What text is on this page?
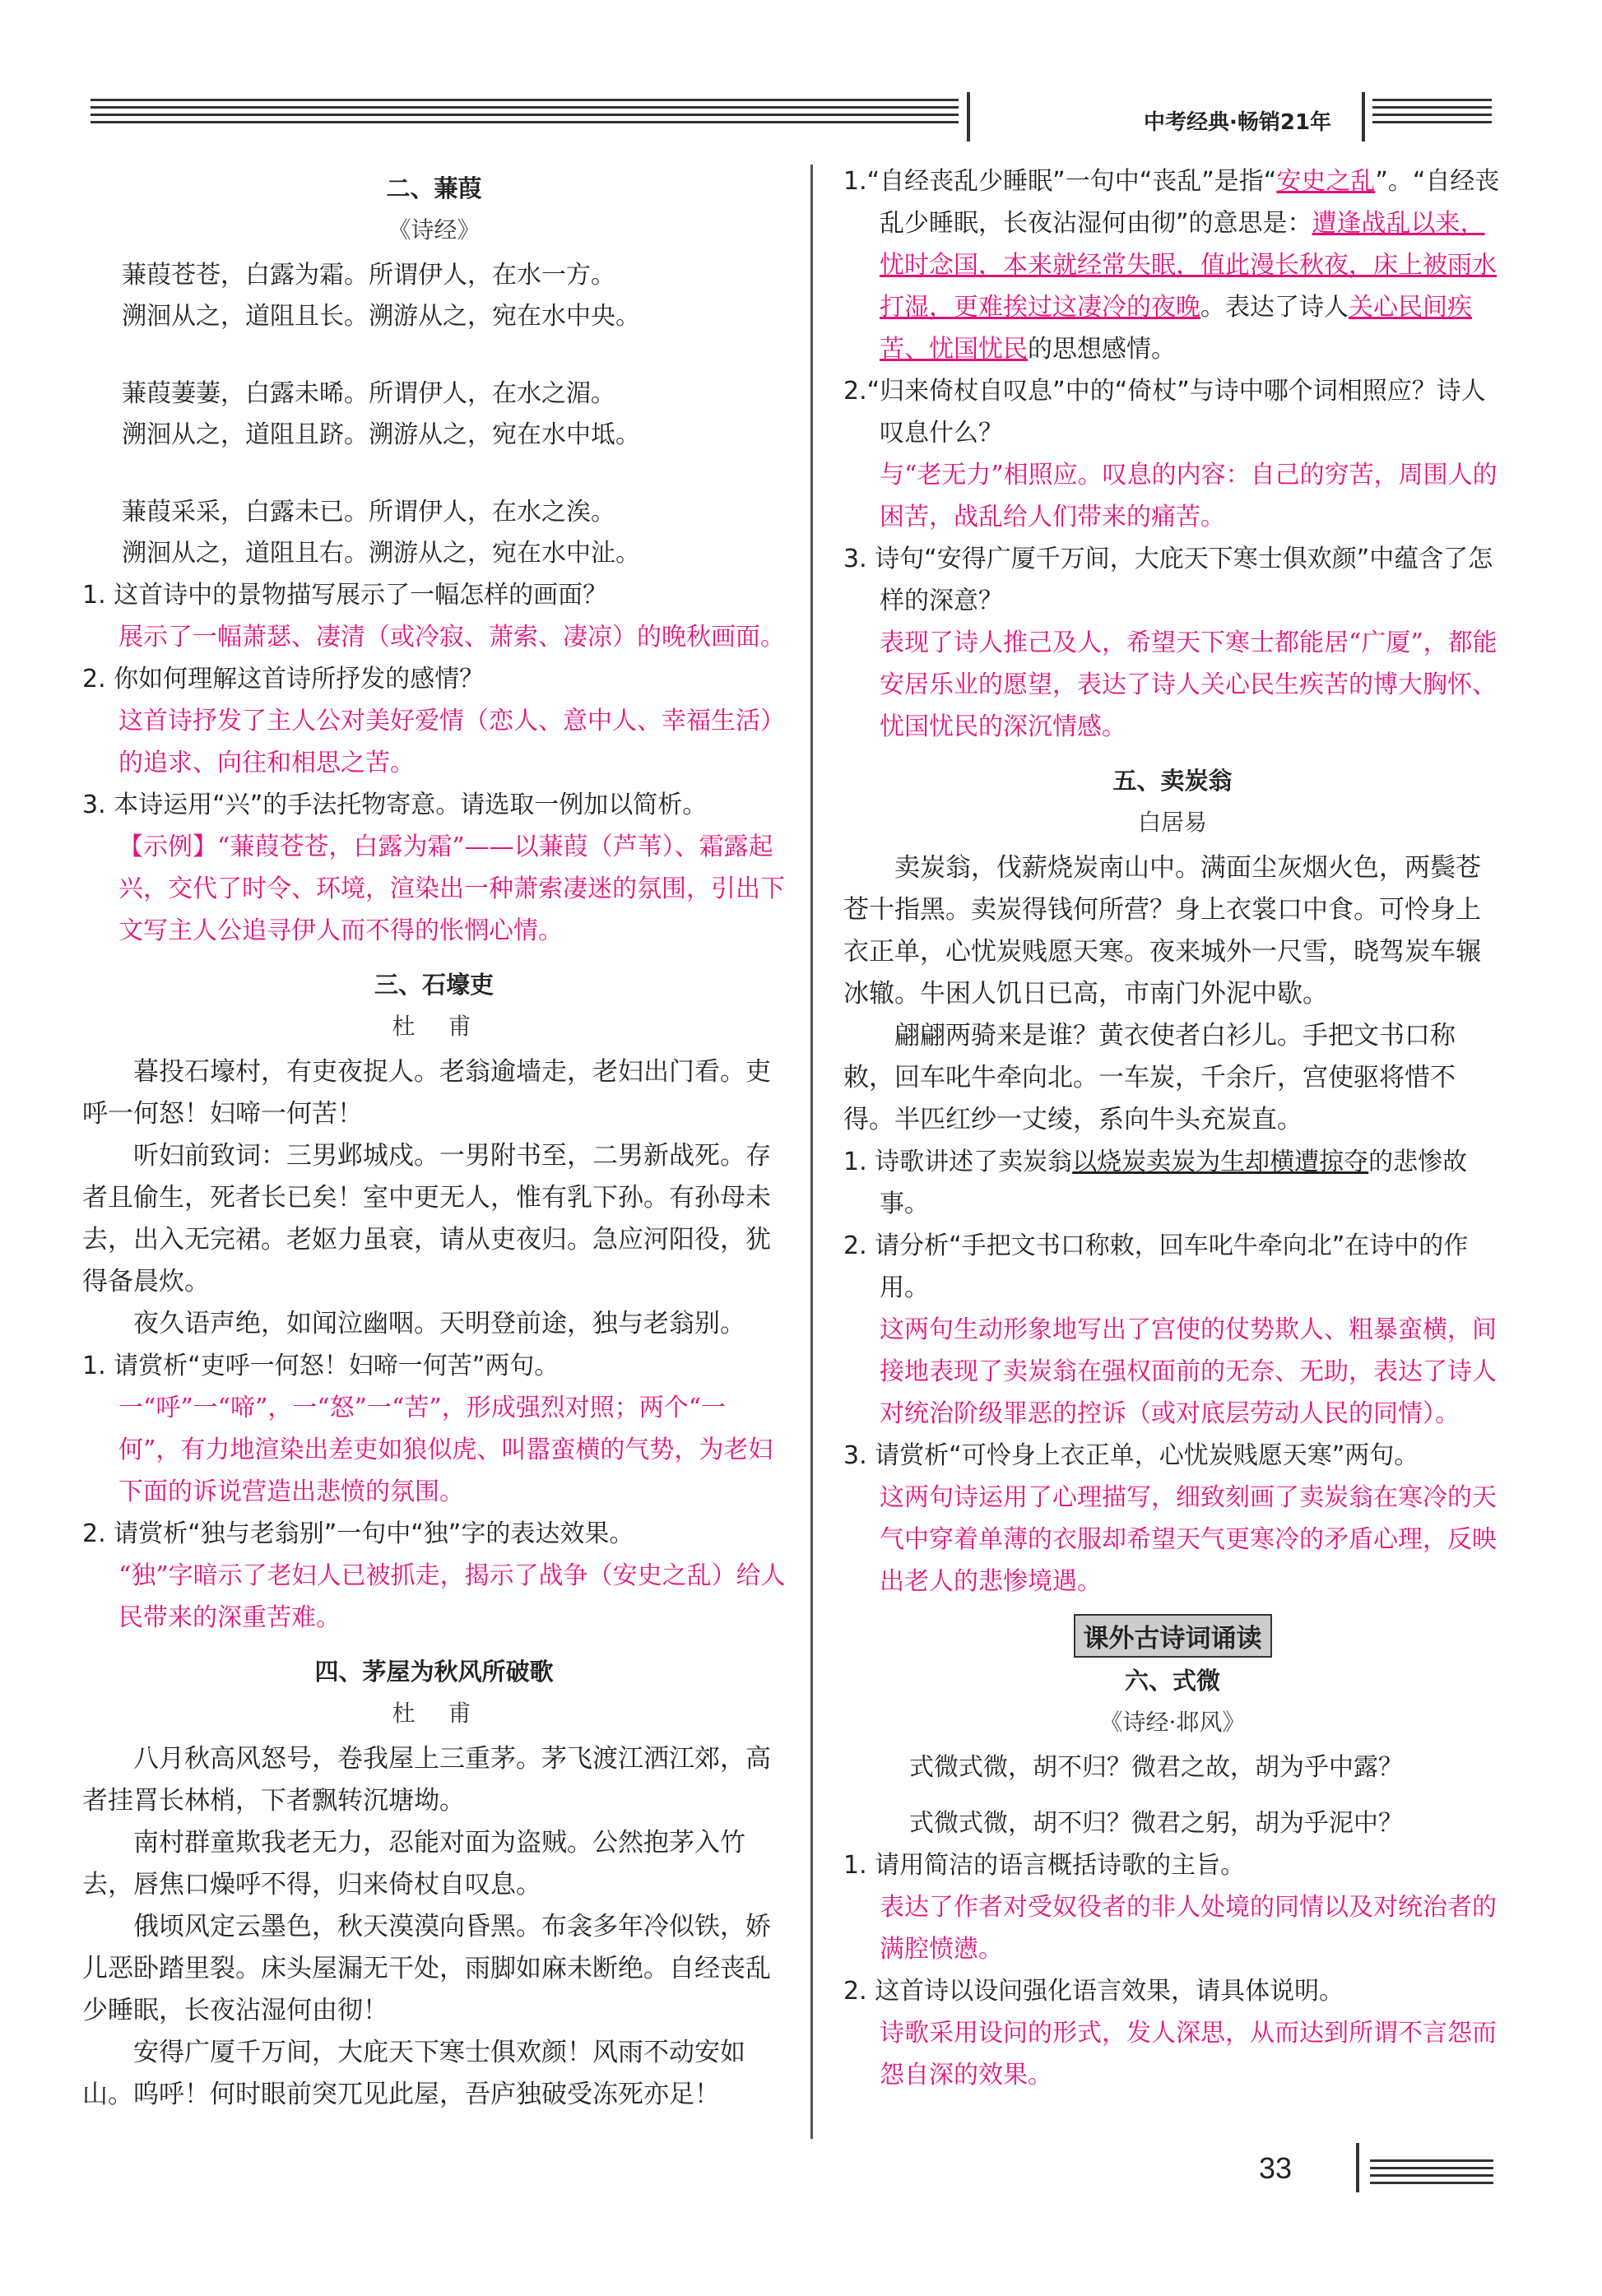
中考经典·畅销21年
二、蒹葭
《诗经》

蒹葭苍苍，白露为霜。所谓伊人，在水一方。

溯洄从之，道阻且长。溯游从之，宛在水中央。

蒹葭萋萋，白露未晞。所谓伊人，在水之湄。

溯洄从之，道阻且跻。溯游从之，宛在水中坻。

蒹葭采采，白露未已。所谓伊人，在水之涘。

溯洄从之，道阻且右。溯游从之，宛在水中沚。

1. 这首诗中的景物描写展示了一幅怎样的画面？

展示了一幅萧瑟、凄清（或冷寂、萧索、凄凉）的晚秋画面。

2. 你如何理解这首诗所抒发的感情？

这首诗抒发了主人公对美好爱情（恋人、意中人、幸福生活）的追求、向往和相思之苦。

3. 本诗运用“兴”的手法托物寄意。请选取一例加以简析。

【示例】“蒹葭苍苍，白露为霜”——以蒹葭（芦苇）、霜露起兴，交代了时令、环境，渲染出一种萧索凄迷的氛围，引出下文写主人公追寻伊人而不得的怅惘心情。

三、石壕吏
杜　甫

暮投石壕村，有吏夜捉人。老翁逾墙走，老妇出门看。吏呼一何怒！妇啼一何苦！

听妇前致词：三男邺城戍。一男附书至，二男新战死。存者且偷生，死者长已矣！室中更无人，惟有乳下孙。有孙母未去，出入无完裙。老妪力虽衰，请从吏夜归。急应河阳役，犹得备晨炊。

夜久语声绝，如闻泣幽咽。天明登前途，独与老翁别。

1. 请赏析“吏呼一何怒！妇啼一何苦”两句。

一“呼”一“啼”，一“怒”一“苦”，形成强烈对照；两个“一何”，有力地渲染出差吏如狼似虎、叫嚣蛮横的气势，为老妇下面的诉说营造出悲愤的氛围。

2. 请赏析“独与老翁别”一句中“独”字的表达效果。

“独”字暗示了老妇人已被抓走，揭示了战争（安史之乱）给人民带来的深重苦难。

四、茅屋为秋风所破歌
杜　甫

八月秋高风怒号，卷我屋上三重茅。茅飞渡江洒江郊，高者挂罥长林梢，下者飘转沉塘坳。

南村群童欺我老无力，忍能对面为盗贼。公然抱茅入竹去，唇焦口燥呼不得，归来倚杖自叹息。

俄顷风定云墨色，秋天漠漠向昏黑。布衾多年冷似铁，娇儿恶卧踏里裂。床头屋漏无干处，雨脚如麻未断绝。自经丧乱少睡眠，长夜沾湿何由彻！

安得广厦千万间，大庇天下寒士俱欢颜！风雨不动安如山。呜呼！何时眼前突兀见此屋，吾庐独破受冻死亦足！

1.“自经丧乱少睡眠”一句中“丧乱”是指“安史之乱”。“自经丧乱少睡眠，长夜沾湿何由彻”的意思是：遭逢战乱以来，忧时念国，本来就经常失眠，值此漫长秋夜，床上被雨水打湿，更难挨过这凄冷的夜晚。表达了诗人关心民间疾苦、忧国忧民的思想感情。

2.“归来倚杖自叹息”中的“倚杖”与诗中哪个词相照应？诗人叹息什么？

与“老无力”相照应。叹息的内容：自己的穷苦，周围人的困苦，战乱给人们带来的痛苦。

3. 诗句“安得广厦千万间，大庇天下寒士俱欢颜”中蕴含了怎样的深意？

表现了诗人推己及人，希望天下寒士都能居“广厦”，都能安居乐业的愿望，表达了诗人关心民生疾苦的博大胸怀、忧国忧民的深沉情感。

五、卖炭翁
白居易

卖炭翁，伐薪烧炭南山中。满面尘灰烟火色，两鬓苍苍十指黑。卖炭得钱何所营？身上衣裳口中食。可怜身上衣正单，心忧炭贱愿天寒。夜来城外一尺雪，晓驾炭车辗冰辙。牛困人饥日已高，市南门外泥中歇。

翩翩两骑来是谁？黄衣使者白衫儿。手把文书口称敕，回车叱牛牵向北。一车炭，千余斤，宫使驱将惜不得。半匹红纱一丈绫，系向牛头充炭直。

1. 诗歌讲述了卖炭翁以烧炭卖炭为生却横遭掠夺的悲惨故事。

2. 请分析“手把文书口称敕，回车叱牛牵向北”在诗中的作用。

这两句生动形象地写出了宫使的仗势欺人、粗暴蛮横，间接地表现了卖炭翁在强权面前的无奈、无助，表达了诗人对统治阶级罪恶的控诉（或对底层劳动人民的同情）。

3. 请赏析“可怜身上衣正单，心忧炭贱愿天寒”两句。

这两句诗运用了心理描写，细致刻画了卖炭翁在寒冷的天气中穿着单薄的衣服却希望天气更寒冷的矛盾心理，反映出老人的悲惨境遇。

课外古诗词诵读
六、式微
《诗经·邶风》

式微式微，胡不归？微君之故，胡为乎中露？

式微式微，胡不归？微君之躬，胡为乎泥中？

1. 请用简洁的语言概括诗歌的主旨。

表达了作者对受奴役者的非人处境的同情以及对统治者的满腔愤懑。

2. 这首诗以设问强化语言效果，请具体说明。

诗歌采用设问的形式，发人深思，从而达到所谓不言怨而怨自深的效果。

33
